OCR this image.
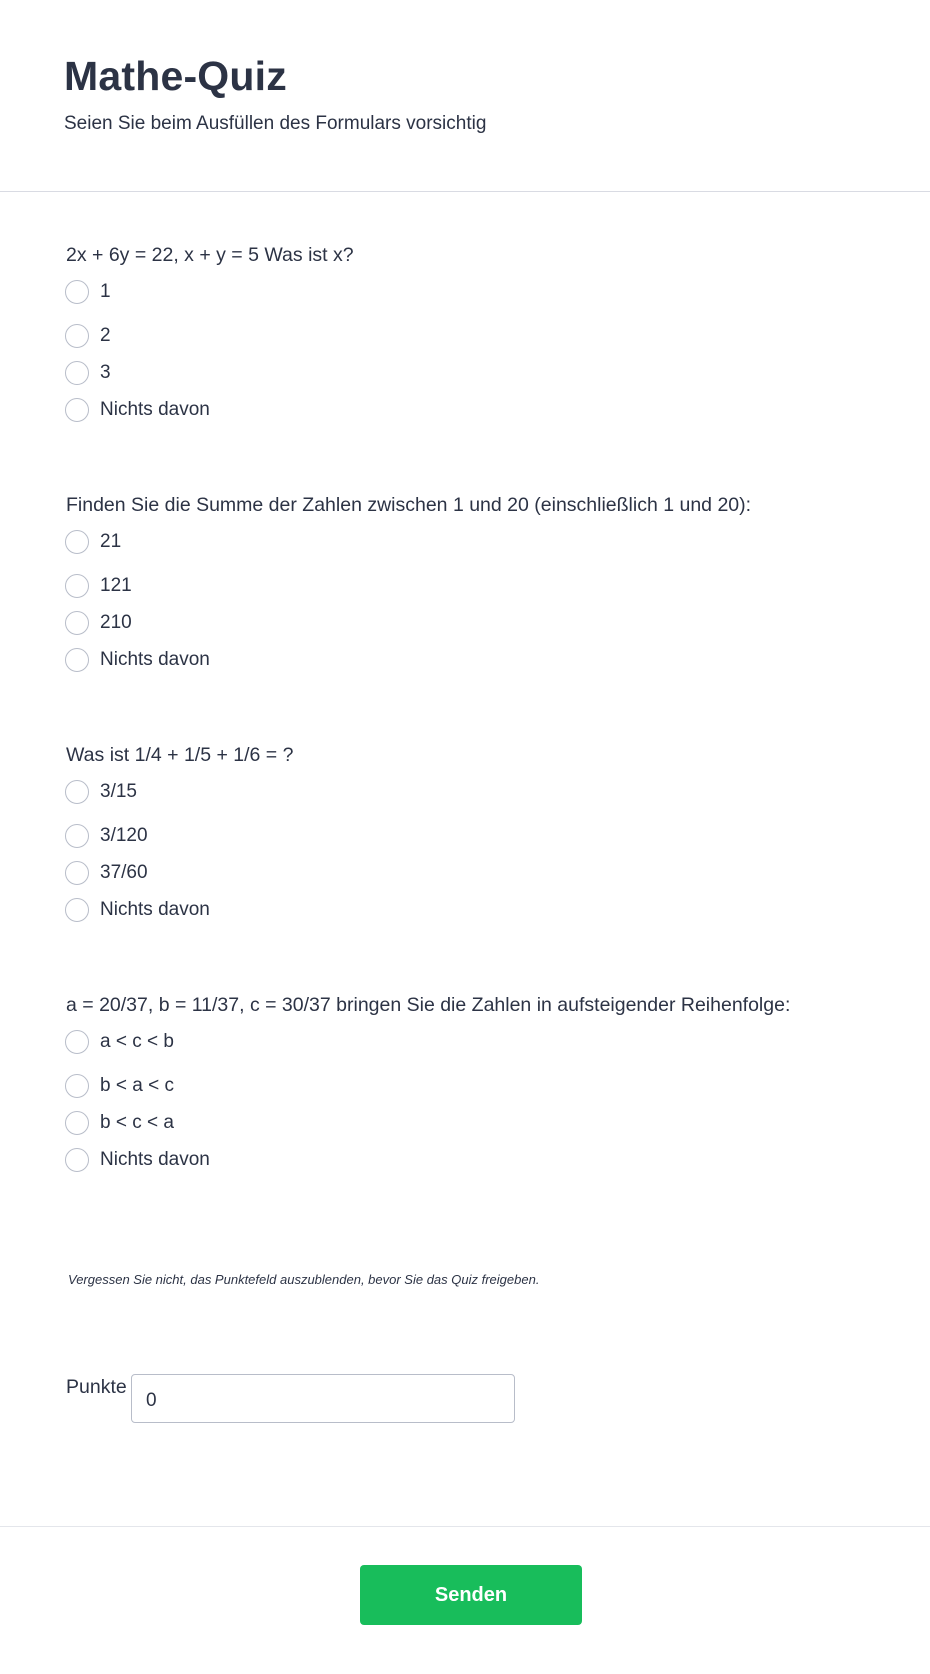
Mathe-Quiz
Seien Sie beim Ausfüllen des Formulars vorsichtig
2x + 6y = 22, x + y = 5 Was ist x?
1
2
3
Nichts davon
Finden Sie die Summe der Zahlen zwischen 1 und 20 (einschließlich 1 und 20):
21
121
210
Nichts davon
Was ist 1/4 + 1/5 + 1/6 = ?
3/15
3/120
37/60
Nichts davon
a = 20/37, b = 11/37, c = 30/37 bringen Sie die Zahlen in aufsteigender Reihenfolge:
a < c < b
b < a < c
b < c < a
Nichts davon
Vergessen Sie nicht, das Punktefeld auszublenden, bevor Sie das Quiz freigeben.
Punkte
0
Senden
